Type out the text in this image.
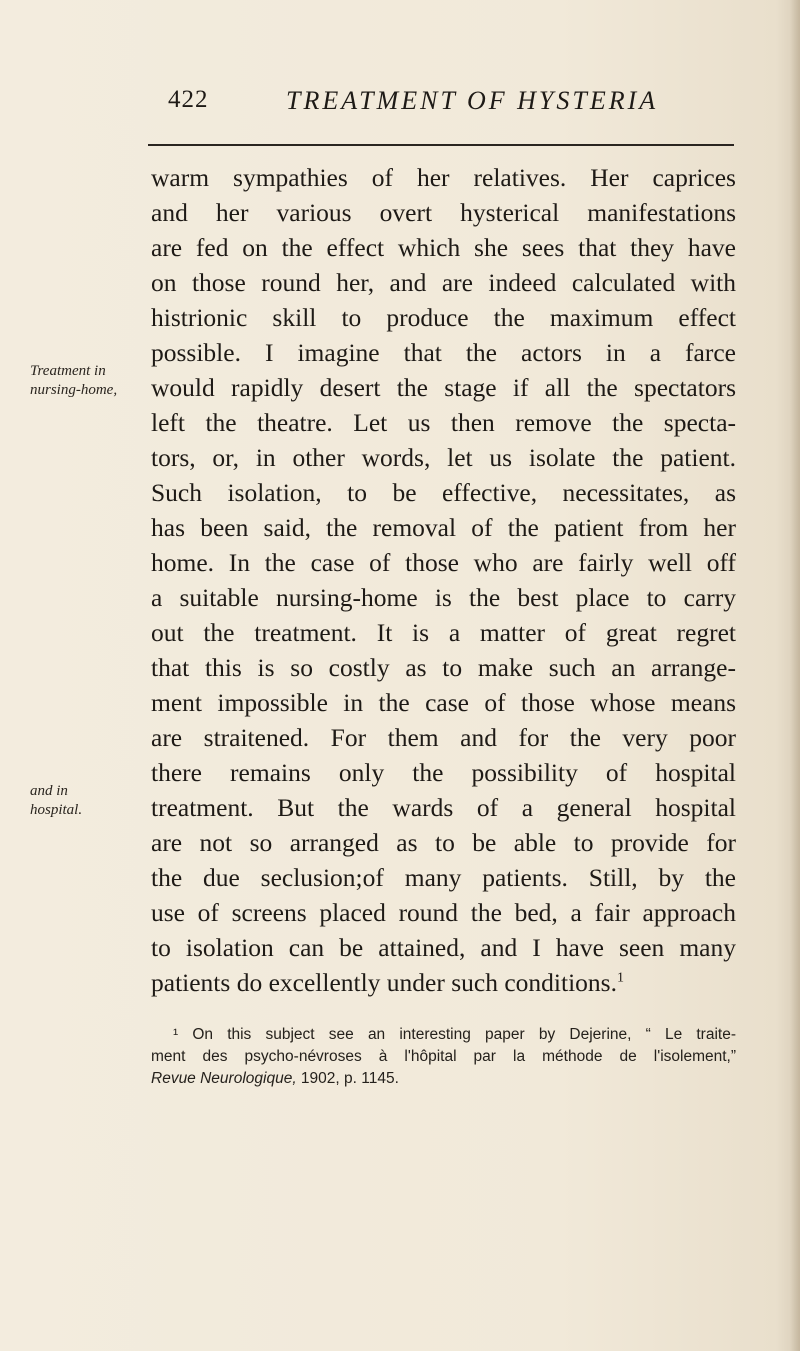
422	TREATMENT OF HYSTERIA
warm sympathies of her relatives. Her caprices
and her various overt hysterical manifestations
are fed on the effect which she sees that they have
on those round her, and are indeed calculated with
histrionic skill to produce the maximum effect
possible. I imagine that the actors in a farce
would rapidly desert the stage if all the spectators
left the theatre. Let us then remove the specta-
tors, or, in other words, let us isolate the patient.
Such isolation, to be effective, necessitates, as
has been said, the removal of the patient from her
home. In the case of those who are fairly well off
a suitable nursing-home is the best place to carry
out the treatment. It is a matter of great regret
that this is so costly as to make such an arrange-
ment impossible in the case of those whose means
are straitened. For them and for the very poor
there remains only the possibility of hospital
treatment. But the wards of a general hospital
are not so arranged as to be able to provide for
the due seclusion;of many patients. Still, by the
use of screens placed round the bed, a fair approach
to isolation can be attained, and I have seen many
patients do excellently under such conditions.$^1$
Treatment in
nursing-home,
and in
hospital.
¹ On this subject see an interesting paper by Dejerine, “ Le traite-
ment des psycho-névroses à l'hôpital par la méthode de l'isolement,”
Revue Neurologique, 1902, p. 1145.
